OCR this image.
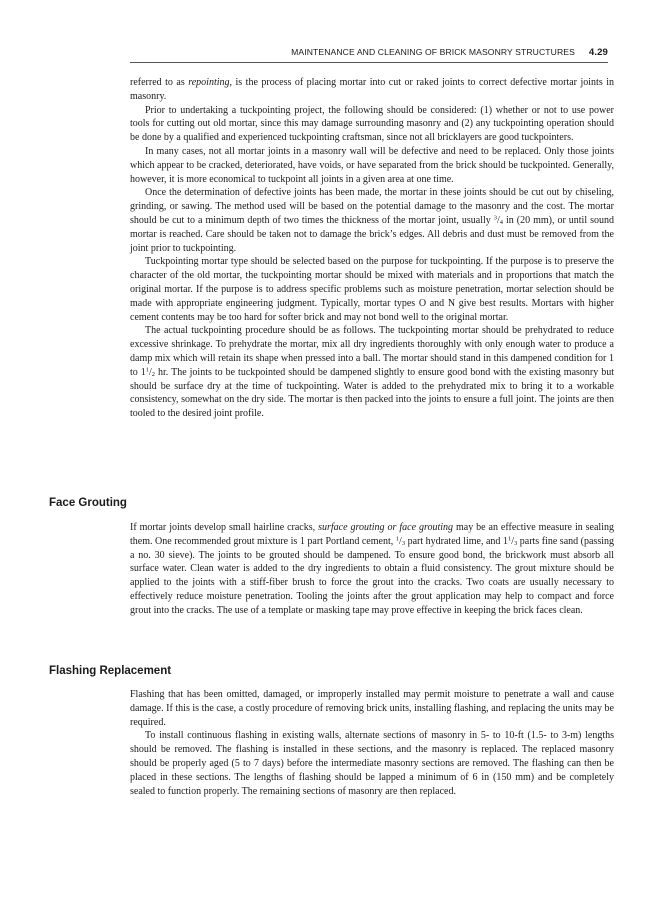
MAINTENANCE AND CLEANING OF BRICK MASONRY STRUCTURES 4.29

referred to as repointing, is the process of placing mortar into cut or raked joints to correct defective mortar joints in masonry.

Prior to undertaking a tuckpointing project, the following should be considered: (1) whether or not to use power tools for cutting out old mortar, since this may damage surrounding masonry and (2) any tuckpointing operation should be done by a qualified and experienced tuckpointing craftsman, since not all bricklayers are good tuckpointers.

In many cases, not all mortar joints in a masonry wall will be defective and need to be replaced. Only those joints which appear to be cracked, deteriorated, have voids, or have separated from the brick should be tuckpointed. Generally, however, it is more economical to tuckpoint all joints in a given area at one time.

Once the determination of defective joints has been made, the mortar in these joints should be cut out by chiseling, grinding, or sawing. The method used will be based on the potential damage to the masonry and the cost. The mortar should be cut to a minimum depth of two times the thickness of the mortar joint, usually $^3/_4$ in (20 mm), or until sound mortar is reached. Care should be taken not to damage the brick’s edges. All debris and dust must be removed from the joint prior to tuckpointing.

Tuckpointing mortar type should be selected based on the purpose for tuckpointing. If the purpose is to preserve the character of the old mortar, the tuckpointing mortar should be mixed with materials and in proportions that match the original mortar. If the purpose is to address specific problems such as moisture penetration, mortar selection should be made with appropriate engineering judgment. Typically, mortar types O and N give best results. Mortars with higher cement contents may be too hard for softer brick and may not bond well to the original mortar.

The actual tuckpointing procedure should be as follows. The tuckpointing mortar should be prehydrated to reduce excessive shrinkage. To prehydrate the mortar, mix all dry ingredients thoroughly with only enough water to produce a damp mix which will retain its shape when pressed into a ball. The mortar should stand in this dampened condition for 1 to $1^1/_2$ hr. The joints to be tuckpointed should be dampened slightly to ensure good bond with the existing masonry but should be surface dry at the time of tuckpointing. Water is added to the prehydrated mix to bring it to a workable consistency, somewhat on the dry side. The mortar is then packed into the joints to ensure a full joint. The joints are then tooled to the desired joint profile.

Face Grouting

If mortar joints develop small hairline cracks, surface grouting or face grouting may be an effective measure in sealing them. One recommended grout mixture is 1 part Portland cement, $^1/_3$ part hydrated lime, and $1^1/_3$ parts fine sand (passing a no. 30 sieve). The joints to be grouted should be dampened. To ensure good bond, the brickwork must absorb all surface water. Clean water is added to the dry ingredients to obtain a fluid consistency. The grout mixture should be applied to the joints with a stiff-fiber brush to force the grout into the cracks. Two coats are usually necessary to effectively reduce moisture penetration. Tooling the joints after the grout application may help to compact and force grout into the cracks. The use of a template or masking tape may prove effective in keeping the brick faces clean.

Flashing Replacement

Flashing that has been omitted, damaged, or improperly installed may permit moisture to penetrate a wall and cause damage. If this is the case, a costly procedure of removing brick units, installing flashing, and replacing the units may be required.

To install continuous flashing in existing walls, alternate sections of masonry in 5- to 10-ft (1.5- to 3-m) lengths should be removed. The flashing is installed in these sections, and the masonry is replaced. The replaced masonry should be properly aged (5 to 7 days) before the intermediate masonry sections are removed. The flashing can then be placed in these sections. The lengths of flashing should be lapped a minimum of 6 in (150 mm) and be completely sealed to function properly. The remaining sections of masonry are then replaced.
